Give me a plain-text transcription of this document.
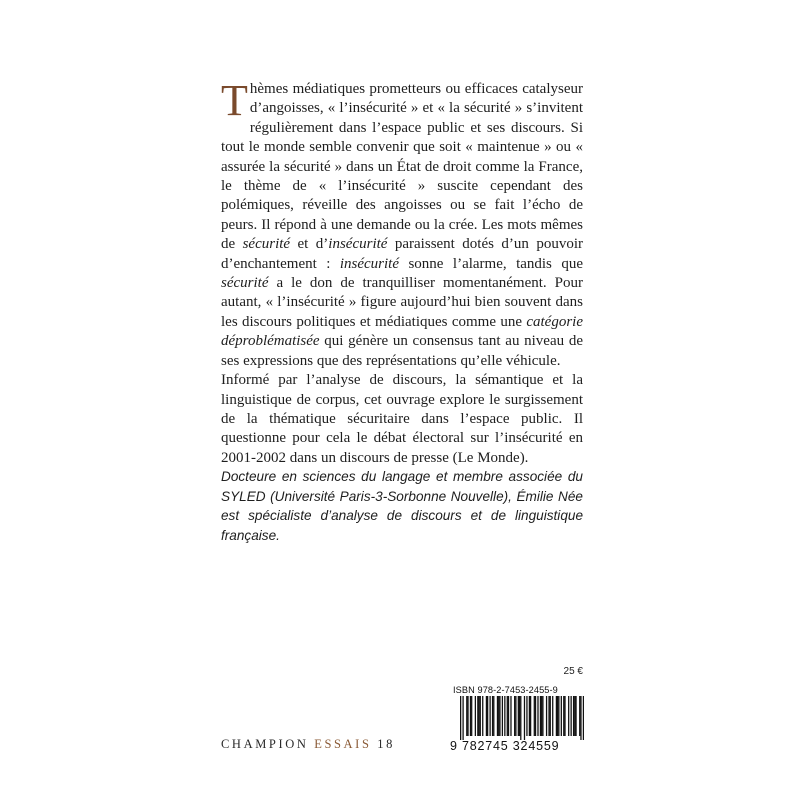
Thèmes médiatiques prometteurs ou efficaces catalyseur d’angoisses, « l’insécurité » et « la sécurité » s’invitent régulièrement dans l’espace public et ses discours. Si tout le monde semble convenir que soit « maintenue » ou « assurée la sécurité » dans un État de droit comme la France, le thème de « l’insécurité » suscite cependant des polémiques, réveille des angoisses ou se fait l’écho de peurs. Il répond à une demande ou la crée. Les mots mêmes de sécurité et d’insécurité paraissent dotés d’un pouvoir d’enchantement : insécurité sonne l’alarme, tandis que sécurité a le don de tranquilliser momentanément. Pour autant, « l’insécurité » figure aujourd’hui bien souvent dans les discours politiques et médiatiques comme une catégorie déproblématisée qui génère un consensus tant au niveau de ses expressions que des représentations qu’elle véhicule.

Informé par l’analyse de discours, la sémantique et la linguistique de corpus, cet ouvrage explore le surgissement de la thématique sécuritaire dans l’espace public. Il questionne pour cela le débat électoral sur l’insécurité en 2001-2002 dans un discours de presse (Le Monde).

Docteure en sciences du langage et membre associée du SYLED (Université Paris-3-Sorbonne Nouvelle), Émilie Née est spécialiste d’analyse de discours et de linguistique française.

25 €
ISBN 978-2-7453-2455-9
9 782745 324559
CHAMPION ESSAIS 18
